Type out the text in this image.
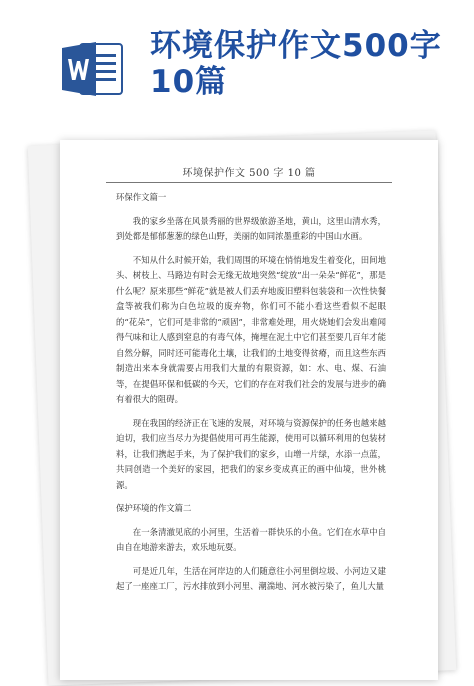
环境保护作文500字10篇
环境保护作文 500 字 10 篇

环保作文篇一

我的家乡坐落在风景秀丽的世界级旅游圣地，黄山，这里山清水秀，到处都是郁郁葱葱的绿色山野，美丽的如同浓墨重彩的中国山水画。

不知从什么时候开始，我们周围的环境在悄悄地发生着变化，田间地头、树枝上、马路边有时会无缘无故地突然“绽放”出一朵朵“鲜花”，那是什么呢？原来那些“鲜花”就是被人们丢弃地废旧塑料包装袋和一次性快餐盒等被我们称为白色垃圾的废弃物，你们可不能小看这些看似不起眼的“花朵”，它们可是非常的“顽固”，非常难处理，用火烧她们会发出难闻得气味和让人感到窒息的有毒气体，掩埋在泥土中它们甚至要几百年才能自然分解，同时还可能毒化土壤，让我们的土地变得贫瘠，而且这些东西制造出来本身就需要占用我们大量的有限资源，如：水、电、煤、石油等，在提倡环保和低碳的今天，它们的存在对我们社会的发展与进步的确有着很大的阻碍。

现在我国的经济正在飞速的发展，对环境与资源保护的任务也越来越迫切，我们应当尽力为提倡使用可再生能源，使用可以循环利用的包装材料，让我们携起手来，为了保护我们的家乡，山增一片绿，水添一点蓝，共同创造一个美好的家园，把我们的家乡变成真正的画中仙境，世外桃源。

保护环境的作文篇二

在一条清澈见底的小河里，生活着一群快乐的小鱼。它们在水草中自由自在地游来游去，欢乐地玩耍。

可是近几年，生活在河岸边的人们随意往小河里倒垃圾、小河边又建起了一座座工厂，污水排放到小河里、潮湍地、河水被污染了，鱼儿大量
